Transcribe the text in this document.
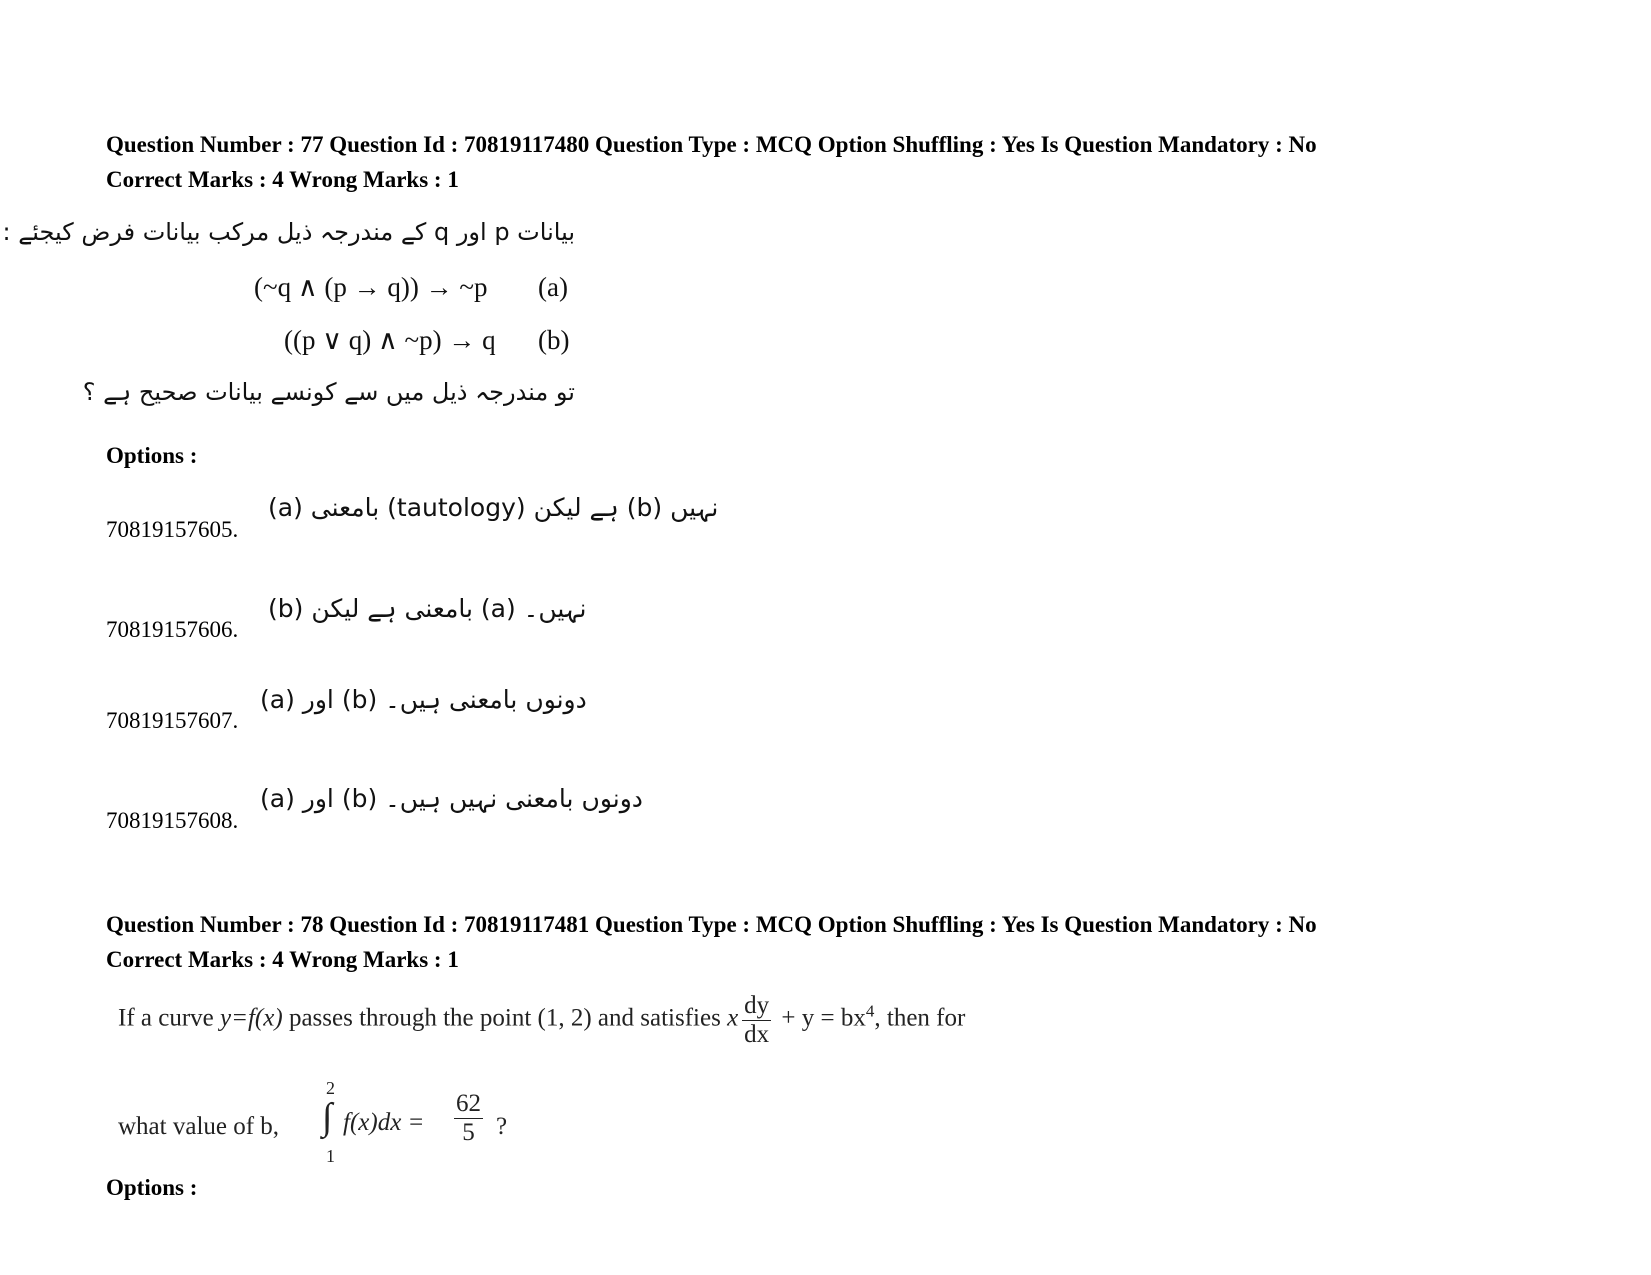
Question Number : 77 Question Id : 70819117480 Question Type : MCQ Option Shuffling : Yes Is Question Mandatory : No
Correct Marks : 4 Wrong Marks : 1
بیانات p اور q کے مندرجہ ذیل مرکب بیانات فرض کیجئے :
(~q ∧ (p → q)) → ~p (a)
((p ∨ q) ∧ ~p) → q (b)
تو مندرجہ ذیل میں سے کونسے بیانات صحیح ہے ؟
Options :
70819157605.
(a) بامعنی (tautology) ہے لیکن (b) نہیں
70819157606.
(b) بامعنی ہے لیکن (a) نہیں۔
70819157607.
(a) اور (b) دونوں بامعنی ہیں۔
70819157608.
(a) اور (b) دونوں بامعنی نہیں ہیں۔
Question Number : 78 Question Id : 70819117481 Question Type : MCQ Option Shuffling : Yes Is Question Mandatory : No
Correct Marks : 4 Wrong Marks : 1
If a curve y=f(x) passes through the point (1, 2) and satisfies x $\frac{dy}{dx} + y = bx^4$, then for
what value of b,
2
∫
1
$f(x)dx = \frac{62}{5}$ ?
Options :
